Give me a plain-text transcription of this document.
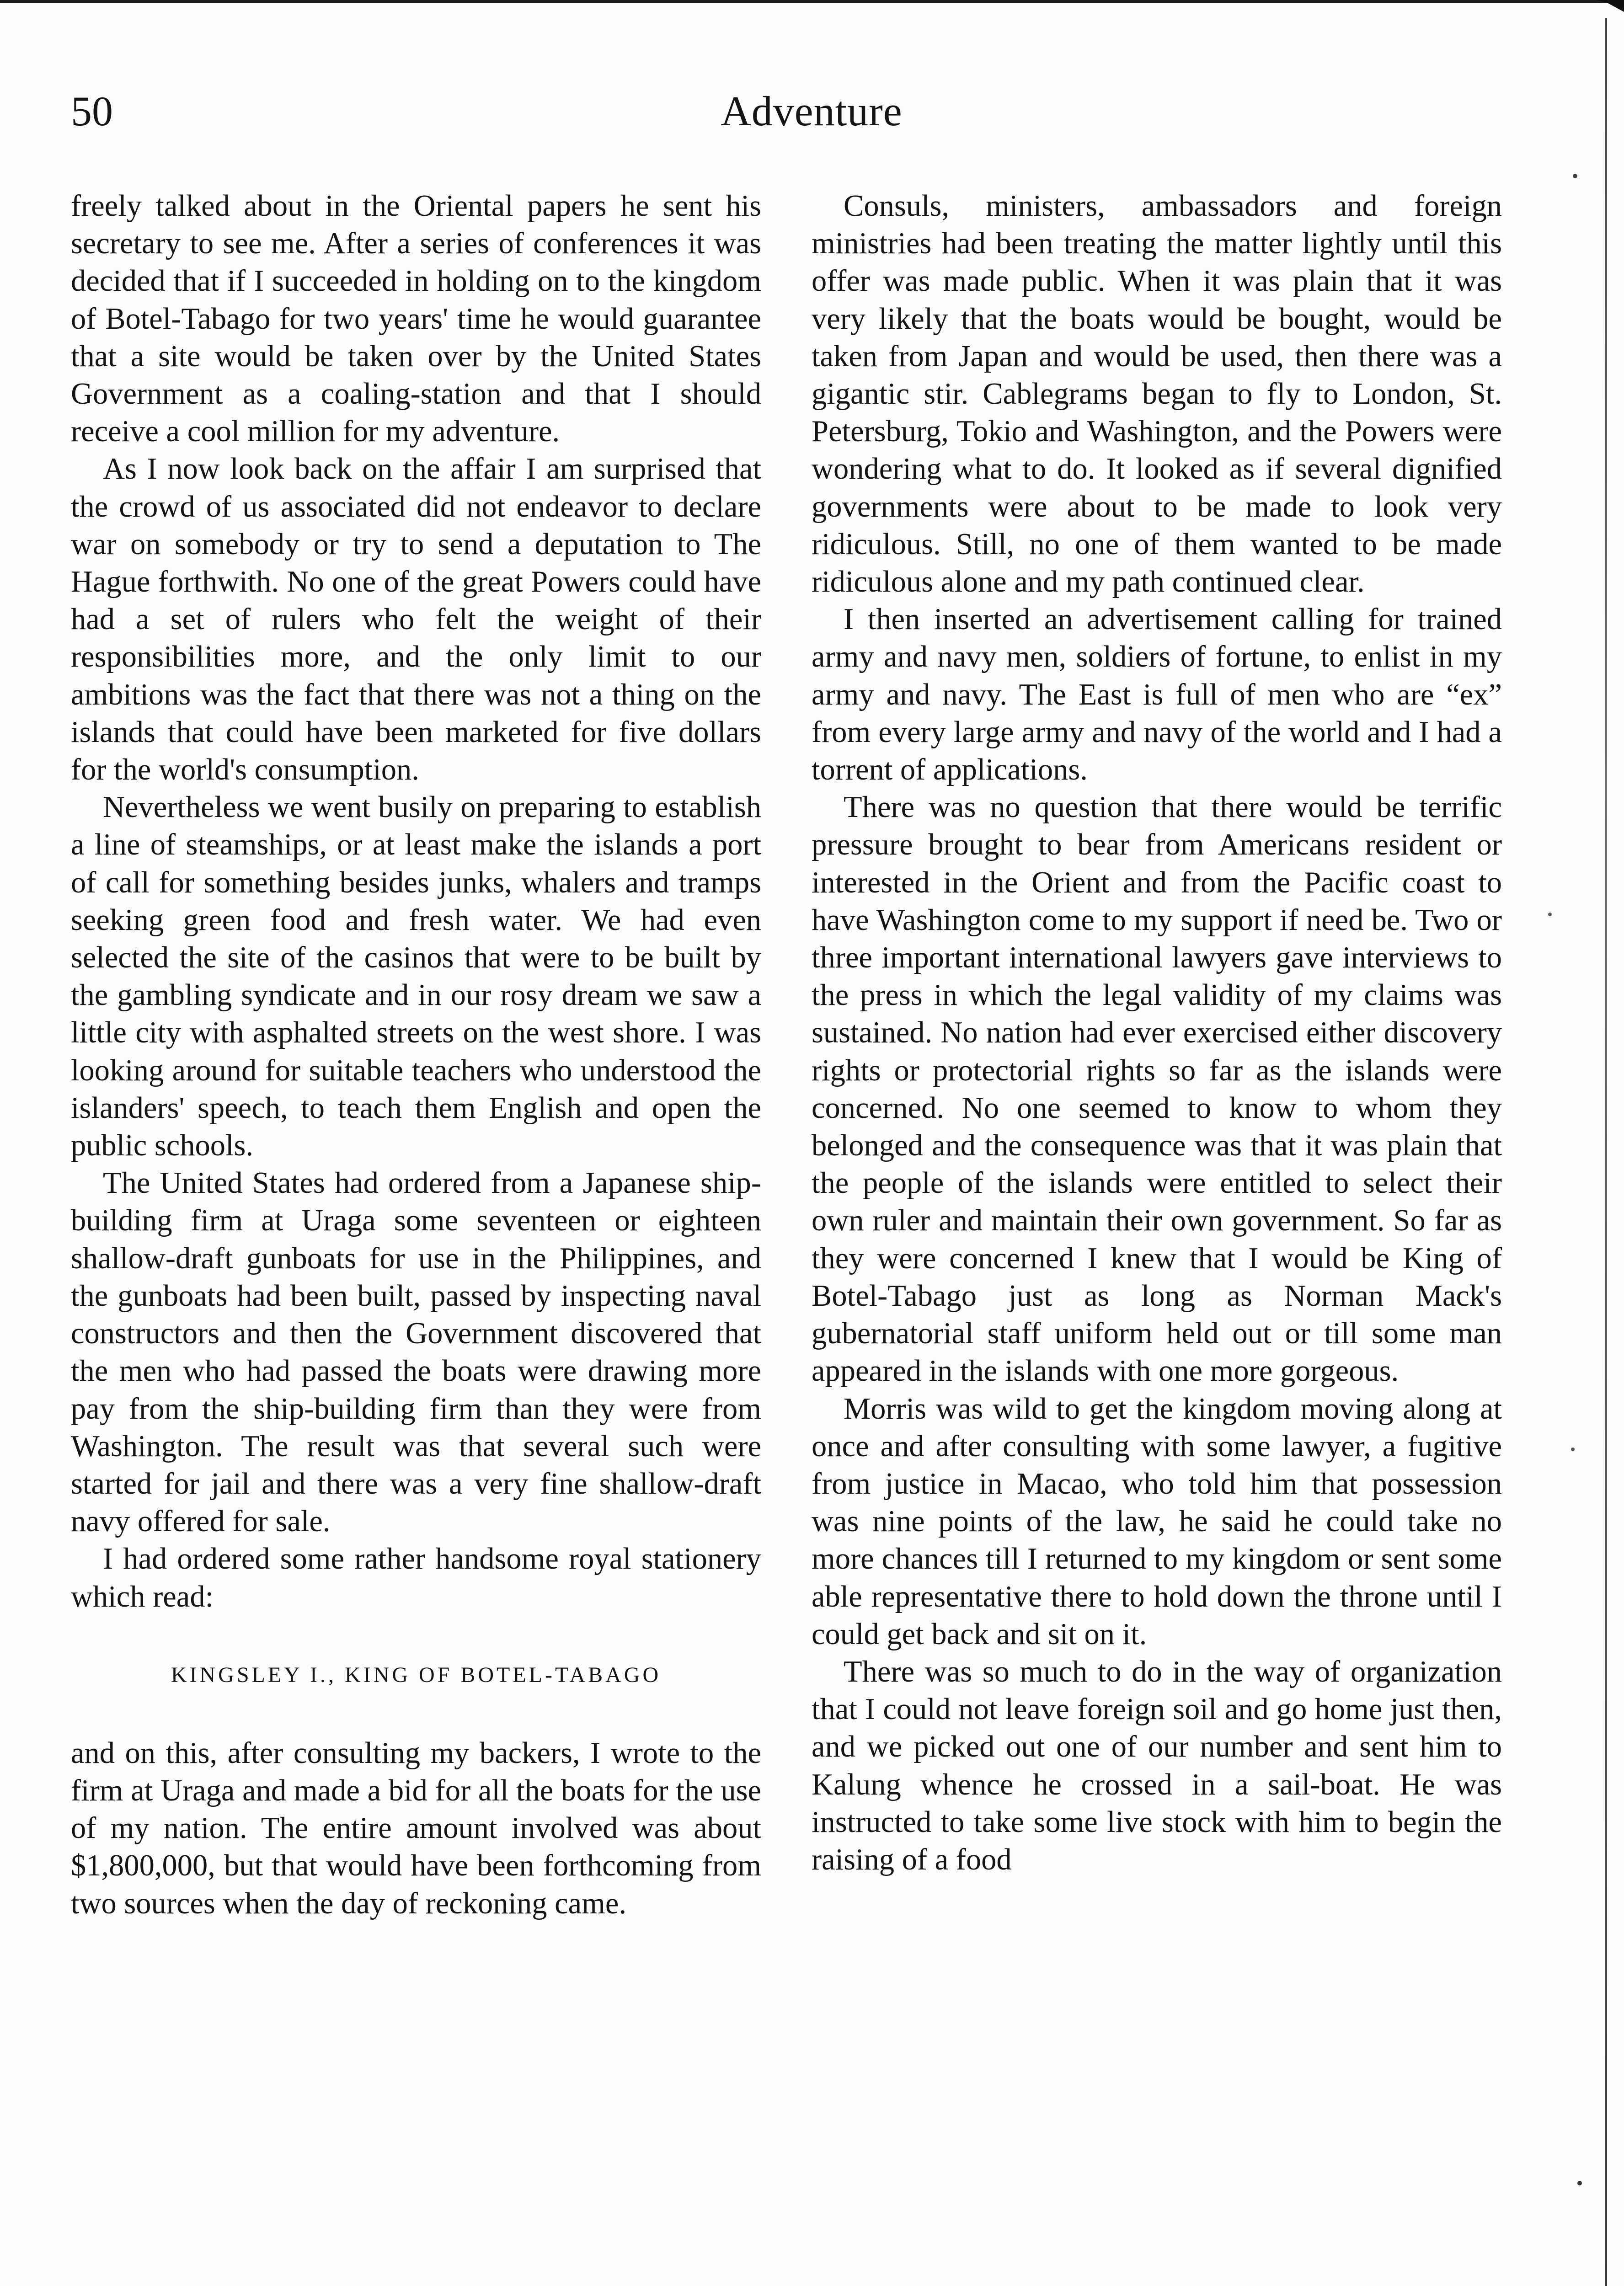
50	Adventure

freely talked about in the Oriental papers he sent his secretary to see me. After a series of conferences it was decided that if I succeeded in holding on to the kingdom of Botel-Tabago for two years' time he would guarantee that a site would be taken over by the United States Government as a coaling-station and that I should receive a cool million for my adventure.

As I now look back on the affair I am surprised that the crowd of us associated did not endeavor to declare war on somebody or try to send a deputation to The Hague forthwith. No one of the great Powers could have had a set of rulers who felt the weight of their responsibilities more, and the only limit to our ambitions was the fact that there was not a thing on the islands that could have been marketed for five dollars for the world's consumption.

Nevertheless we went busily on preparing to establish a line of steamships, or at least make the islands a port of call for something besides junks, whalers and tramps seeking green food and fresh water. We had even selected the site of the casinos that were to be built by the gambling syndicate and in our rosy dream we saw a little city with asphalted streets on the west shore. I was looking around for suitable teachers who understood the islanders' speech, to teach them English and open the public schools.

The United States had ordered from a Japanese ship-building firm at Uraga some seventeen or eighteen shallow-draft gunboats for use in the Philippines, and the gunboats had been built, passed by inspecting naval constructors and then the Government discovered that the men who had passed the boats were drawing more pay from the ship-building firm than they were from Washington. The result was that several such were started for jail and there was a very fine shallow-draft navy offered for sale.

I had ordered some rather handsome royal stationery which read:

KINGSLEY I., KING OF BOTEL-TABAGO

and on this, after consulting my backers, I wrote to the firm at Uraga and made a bid for all the boats for the use of my nation. The entire amount involved was about $1,800,000, but that would have been forthcoming from two sources when the day of reckoning came.

Consuls, ministers, ambassadors and foreign ministries had been treating the matter lightly until this offer was made public. When it was plain that it was very likely that the boats would be bought, would be taken from Japan and would be used, then there was a gigantic stir. Cablegrams began to fly to London, St. Petersburg, Tokio and Washington, and the Powers were wondering what to do. It looked as if several dignified governments were about to be made to look very ridiculous. Still, no one of them wanted to be made ridiculous alone and my path continued clear.

I then inserted an advertisement calling for trained army and navy men, soldiers of fortune, to enlist in my army and navy. The East is full of men who are “ex” from every large army and navy of the world and I had a torrent of applications.

There was no question that there would be terrific pressure brought to bear from Americans resident or interested in the Orient and from the Pacific coast to have Washington come to my support if need be. Two or three important international lawyers gave interviews to the press in which the legal validity of my claims was sustained. No nation had ever exercised either discovery rights or protectorial rights so far as the islands were concerned. No one seemed to know to whom they belonged and the consequence was that it was plain that the people of the islands were entitled to select their own ruler and maintain their own government. So far as they were concerned I knew that I would be King of Botel-Tabago just as long as Norman Mack's gubernatorial staff uniform held out or till some man appeared in the islands with one more gorgeous.

Morris was wild to get the kingdom moving along at once and after consulting with some lawyer, a fugitive from justice in Macao, who told him that possession was nine points of the law, he said he could take no more chances till I returned to my kingdom or sent some able representative there to hold down the throne until I could get back and sit on it.

There was so much to do in the way of organization that I could not leave foreign soil and go home just then, and we picked out one of our number and sent him to Kalung whence he crossed in a sail-boat. He was instructed to take some live stock with him to begin the raising of a food
